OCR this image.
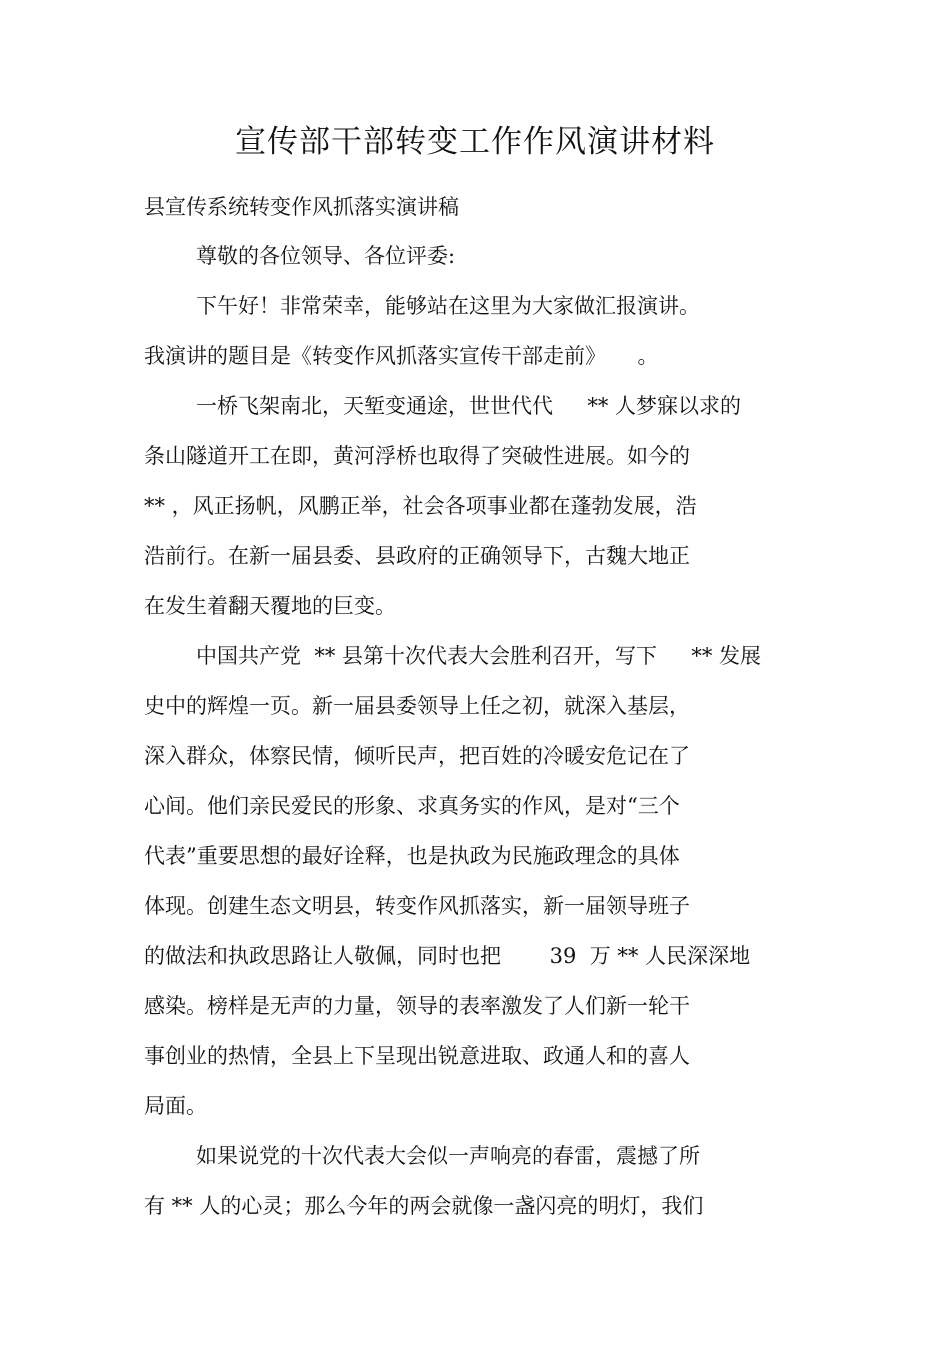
宣传部干部转变工作作风演讲材料

县宣传系统转变作风抓落实演讲稿

尊敬的各位领导、各位评委:

下午好！非常荣幸，能够站在这里为大家做汇报演讲。

我演讲的题目是《转变作风抓落实宣传干部走前》　　。

一桥飞架南北，天堑变通途，世世代代　  ** 人梦寐以求的

条山隧道开工在即，黄河浮桥也取得了突破性进展。如今的

** ，风正扬帆，风鹏正举，社会各项事业都在蓬勃发展，浩

浩前行。在新一届县委、县政府的正确领导下，古魏大地正

在发生着翻天覆地的巨变。

中国共产党  ** 县第十次代表大会胜利召开，写下　  ** 发展

史中的辉煌一页。新一届县委领导上任之初，就深入基层，

深入群众，体察民情，倾听民声，把百姓的冷暖安危记在了

心间。他们亲民爱民的形象、求真务实的作风，是对“三个

代表”重要思想的最好诠释，也是执政为民施政理念的具体

体现。创建生态文明县，转变作风抓落实，新一届领导班子

的做法和执政思路让人敬佩，同时也把　　 39  万 ** 人民深深地

感染。榜样是无声的力量，领导的表率激发了人们新一轮干

事创业的热情，全县上下呈现出锐意进取、政通人和的喜人

局面。

如果说党的十次代表大会似一声响亮的春雷，震撼了所

有 ** 人的心灵；那么今年的两会就像一盏闪亮的明灯，我们
